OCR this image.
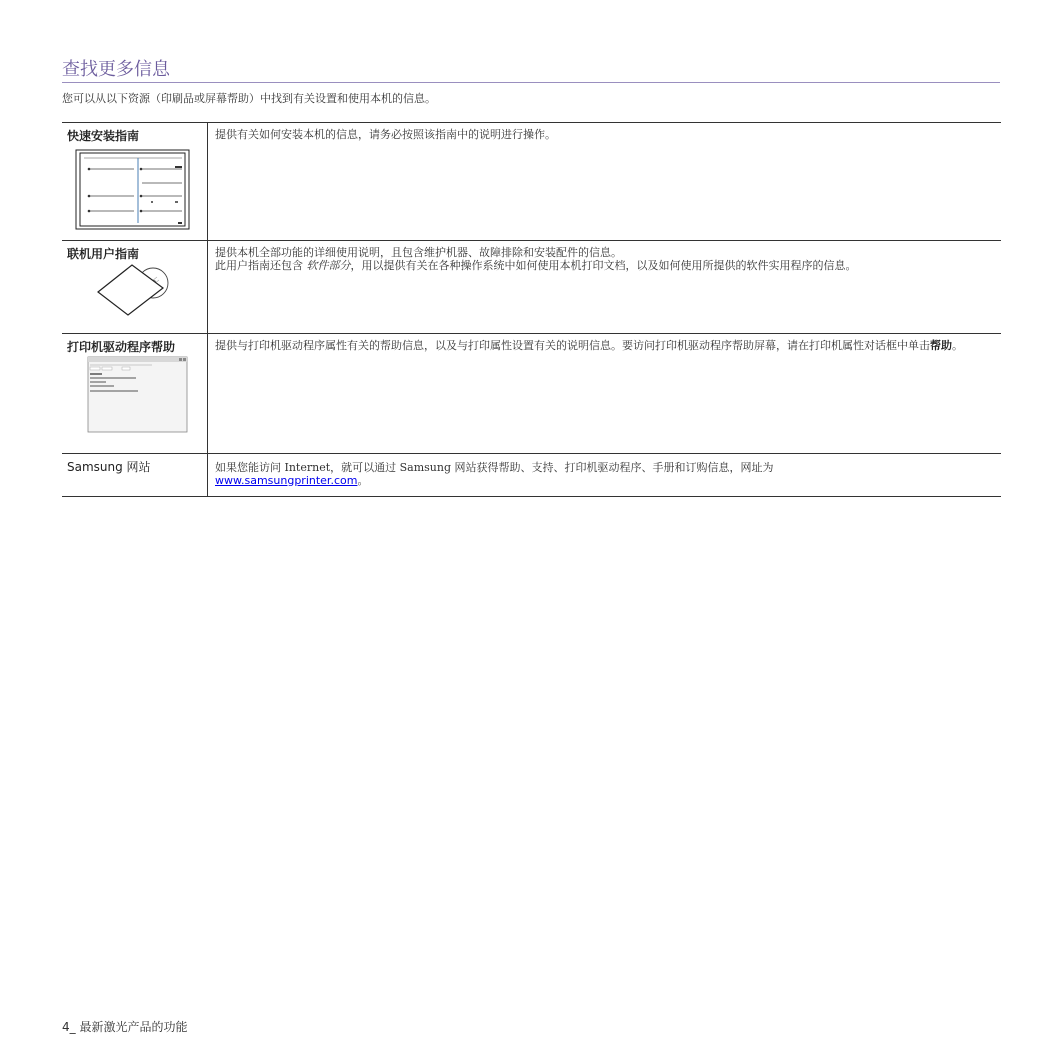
查找更多信息
您可以从以下资源（印刷品或屏幕帮助）中找到有关设置和使用本机的信息。
快速安装指南	提供有关如何安装本机的信息，请务必按照该指南中的说明进行操作。

联机用户指南	提供本机全部功能的详细使用说明，且包含维护机器、故障排除和安装配件的信息。
此用户指南还包含 软件部分，用以提供有关在各种操作系统中如何使用本机打印文档，以及如何使用所提供的软件实用程序的信息。

打印机驱动程序帮助	提供与打印机驱动程序属性有关的帮助信息，以及与打印属性设置有关的说明信息。要访问打印机驱动程序帮助屏幕，请在打印机属性对话框中单击帮助。

Samsung 网站	如果您能访问 Internet，就可以通过 Samsung 网站获得帮助、支持、打印机驱动程序、手册和订购信息，网址为
www.samsungprinter.com。
4_ 最新激光产品的功能
